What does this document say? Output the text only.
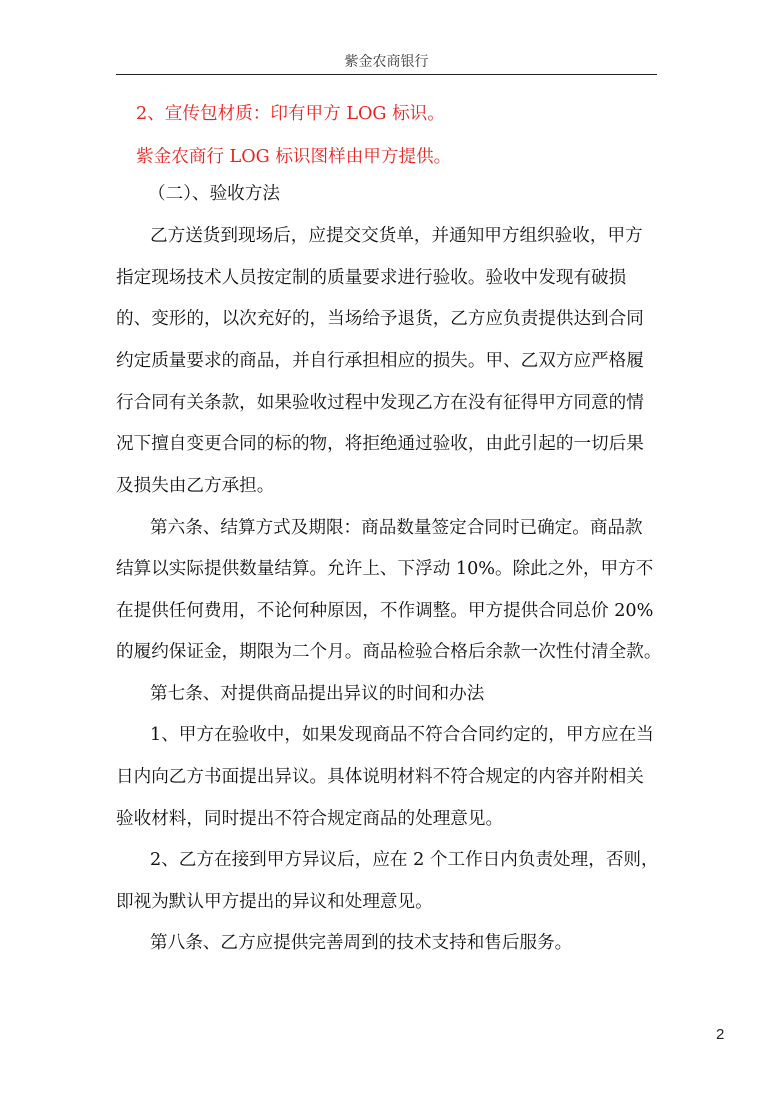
紫金农商银行
2、宣传包材质：印有甲方 LOG 标识。
紫金农商行 LOG 标识图样由甲方提供。
（二）、验收方法
乙方送货到现场后，应提交交货单，并通知甲方组织验收，甲方
指定现场技术人员按定制的质量要求进行验收。验收中发现有破损
的、变形的，以次充好的，当场给予退货，乙方应负责提供达到合同
约定质量要求的商品，并自行承担相应的损失。甲、乙双方应严格履
行合同有关条款，如果验收过程中发现乙方在没有征得甲方同意的情
况下擅自变更合同的标的物，将拒绝通过验收，由此引起的一切后果
及损失由乙方承担。
第六条、结算方式及期限：商品数量签定合同时已确定。商品款
结算以实际提供数量结算。允许上、下浮动 10%。除此之外，甲方不
在提供任何费用，不论何种原因，不作调整。甲方提供合同总价 20%
的履约保证金，期限为二个月。商品检验合格后余款一次性付清全款。
第七条、对提供商品提出异议的时间和办法
1、甲方在验收中，如果发现商品不符合合同约定的，甲方应在当
日内向乙方书面提出异议。具体说明材料不符合规定的内容并附相关
验收材料，同时提出不符合规定商品的处理意见。
2、乙方在接到甲方异议后，应在 2 个工作日内负责处理，否则，
即视为默认甲方提出的异议和处理意见。
第八条、乙方应提供完善周到的技术支持和售后服务。
2
